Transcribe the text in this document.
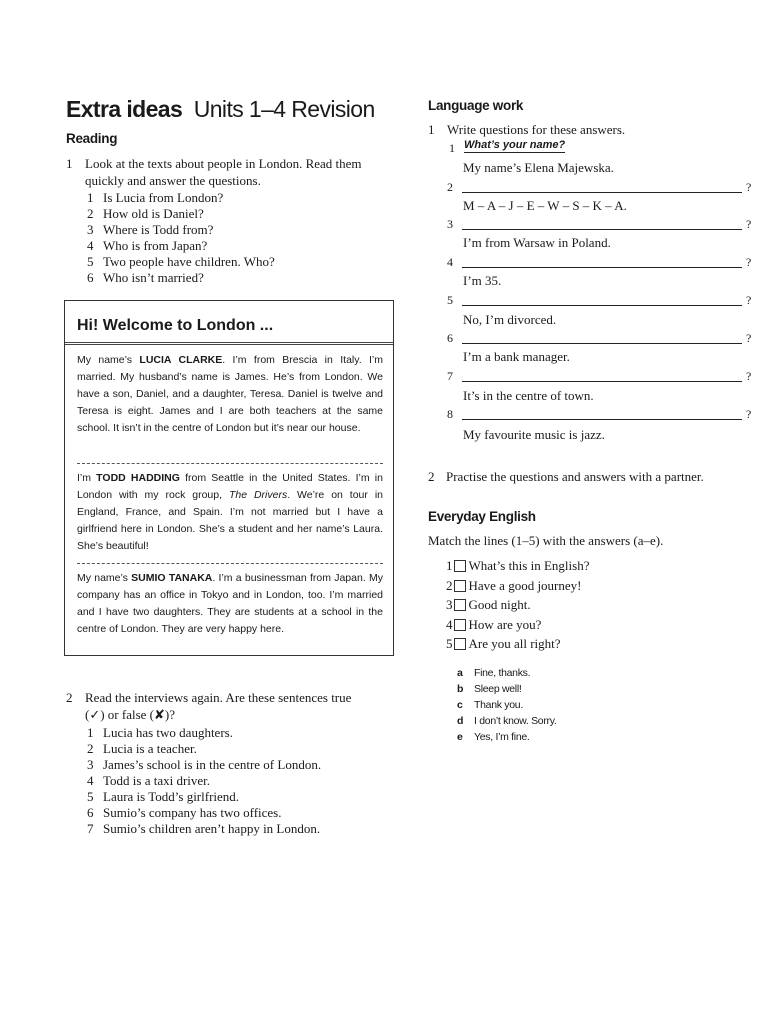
Extra ideas Units 1–4 Revision
Reading
1 Look at the texts about people in London. Read them quickly and answer the questions.
1 Is Lucia from London?
2 How old is Daniel?
3 Where is Todd from?
4 Who is from Japan?
5 Two people have children. Who?
6 Who isn’t married?
Hi! Welcome to London ...
My name’s LUCIA CLARKE. I’m from Brescia in Italy. I’m married. My husband’s name is James. He’s from London. We have a son, Daniel, and a daughter, Teresa. Daniel is twelve and Teresa is eight. James and I are both teachers at the same school. It isn’t in the centre of London but it’s near our house.
I’m TODD HADDING from Seattle in the United States. I’m in London with my rock group, The Drivers. We’re on tour in England, France, and Spain. I’m not married but I have a girlfriend here in London. She’s a student and her name’s Laura. She’s beautiful!
My name’s SUMIO TANAKA. I’m a businessman from Japan. My company has an office in Tokyo and in London, too. I’m married and I have two daughters. They are students at a school in the centre of London. They are very happy here.
2 Read the interviews again. Are these sentences true
(✓) or false (✘)?
1 Lucia has two daughters.
2 Lucia is a teacher.
3 James’s school is in the centre of London.
4 Todd is a taxi driver.
5 Laura is Todd’s girlfriend.
6 Sumio’s company has two offices.
7 Sumio’s children aren’t happy in London.
Language work
1 Write questions for these answers.
1 What’s your name?
My name’s Elena Majewska.
2	?
M – A – J – E – W – S – K – A.
3	?
I’m from Warsaw in Poland.
4	?
I’m 35.
5	?
No, I’m divorced.
6	?
I’m a bank manager.
7	?
It’s in the centre of town.
8	?
My favourite music is jazz.
2 Practise the questions and answers with a partner.
Everyday English
Match the lines (1–5) with the answers (a–e).
1 What’s this in English?
2 Have a good journey!
3 Good night.
4 How are you?
5 Are you all right?
a Fine, thanks.
b Sleep well!
c Thank you.
d I don’t know. Sorry.
e Yes, I’m fine.
